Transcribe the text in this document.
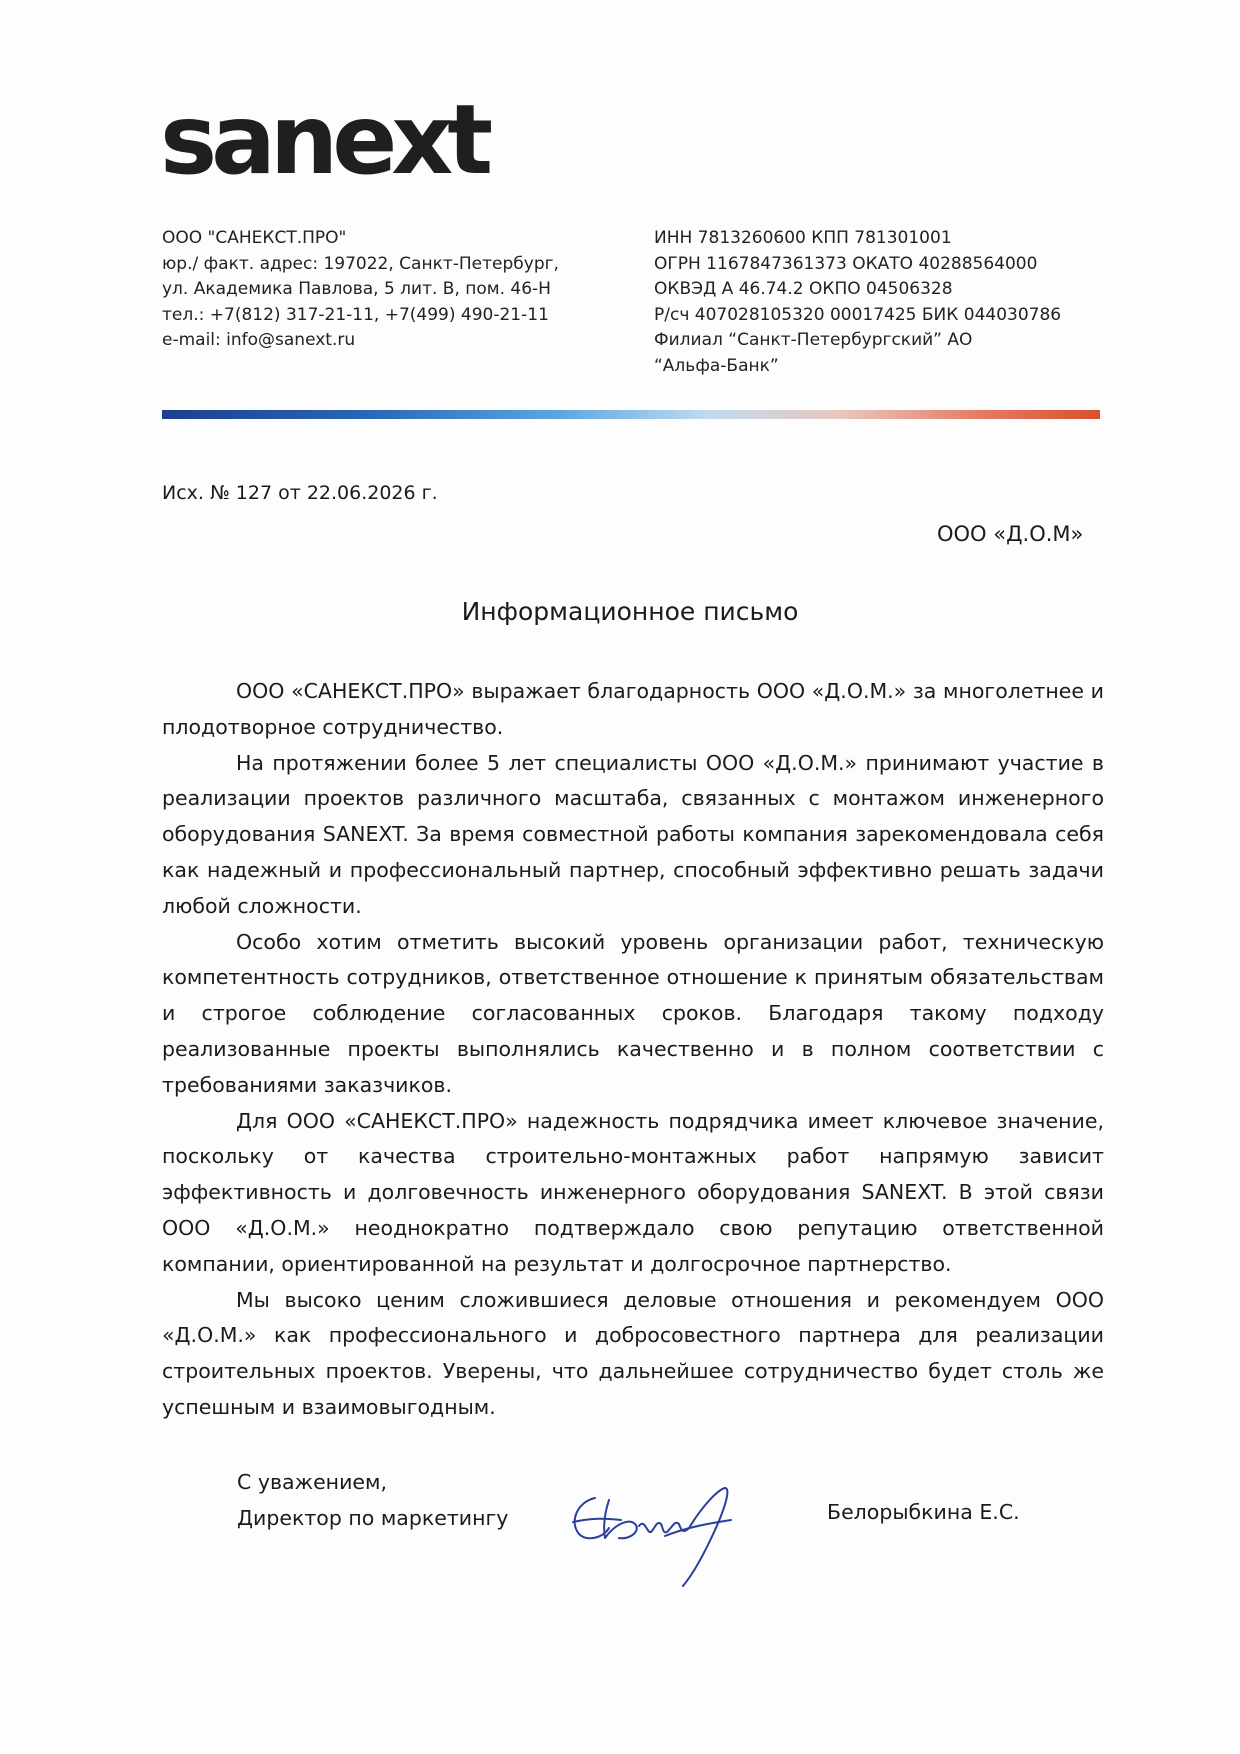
sanext
ООО "САНЕКСТ.ПРО"
юр./ факт. адрес: 197022, Санкт-Петербург,
ул. Академика Павлова, 5 лит. В, пом. 46-Н
тел.: +7(812) 317-21-11, +7(499) 490-21-11
e-mail: info@sanext.ru
ИНН 7813260600 КПП 781301001
ОГРН 1167847361373 ОКАТО 40288564000
ОКВЭД А 46.74.2 ОКПО 04506328
Р/сч 407028105320 00017425 БИК 044030786
Филиал “Санкт-Петербургский” АО “Альфа-Банк”
Исх. № 127 от 22.06.2026 г.
ООО «Д.О.М»
Информационное письмо

ООО «САНЕКСТ.ПРО» выражает благодарность ООО «Д.О.М.» за многолетнее и плодотворное сотрудничество.

На протяжении более 5 лет специалисты ООО «Д.О.М.» принимают участие в реализации проектов различного масштаба, связанных с монтажом инженерного оборудования SANEXT. За время совместной работы компания зарекомендовала себя как надежный и профессиональный партнер, способный эффективно решать задачи любой сложности.

Особо хотим отметить высокий уровень организации работ, техническую компетентность сотрудников, ответственное отношение к принятым обязательствам и строгое соблюдение согласованных сроков. Благодаря такому подходу реализованные проекты выполнялись качественно и в полном соответствии с требованиями заказчиков.

Для ООО «САНЕКСТ.ПРО» надежность подрядчика имеет ключевое значение, поскольку от качества строительно-монтажных работ напрямую зависит эффективность и долговечность инженерного оборудования SANEXT. В этой связи ООО «Д.О.М.» неоднократно подтверждало свою репутацию ответственной компании, ориентированной на результат и долгосрочное партнерство.

Мы высоко ценим сложившиеся деловые отношения и рекомендуем ООО «Д.О.М.» как профессионального и добросовестного партнера для реализации строительных проектов. Уверены, что дальнейшее сотрудничество будет столь же успешным и взаимовыгодным.

С уважением,
Директор по маркетингу	Белорыбкина Е.С.
